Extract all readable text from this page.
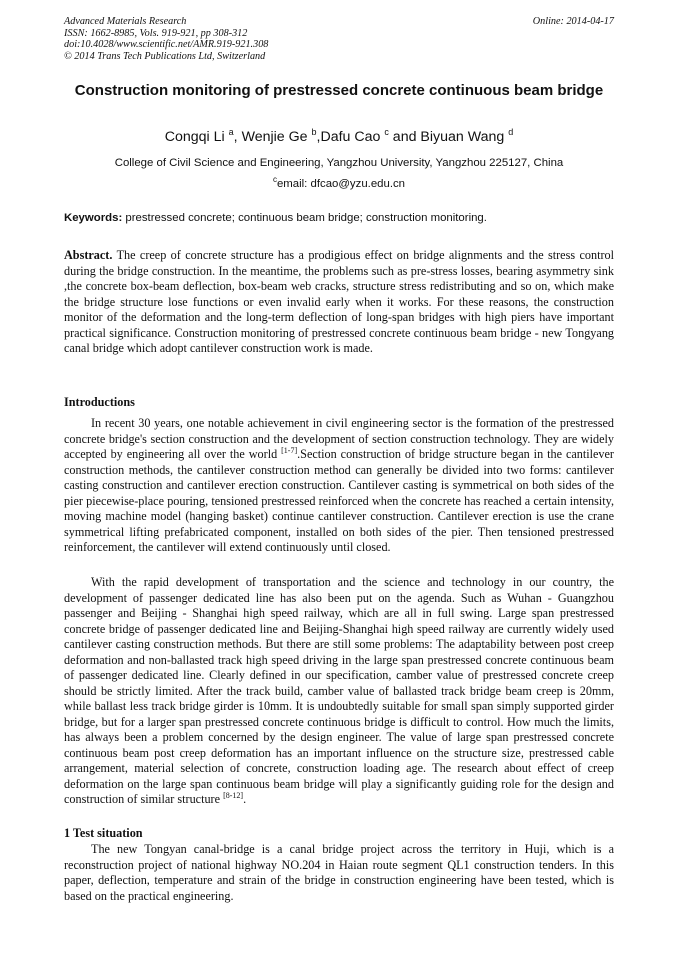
Advanced Materials Research
ISSN: 1662-8985, Vols. 919-921, pp 308-312
doi:10.4028/www.scientific.net/AMR.919-921.308
© 2014 Trans Tech Publications Ltd, Switzerland
Online: 2014-04-17
Construction monitoring of prestressed concrete continuous beam bridge
Congqi Li $^a$, Wenjie Ge $^b$,Dafu Cao $^c$ and Biyuan Wang $^d$
College of Civil Science and Engineering, Yangzhou University, Yangzhou 225127, China
$^c$email: dfcao@yzu.edu.cn
Keywords: prestressed concrete; continuous beam bridge; construction monitoring.
Abstract. The creep of concrete structure has a prodigious effect on bridge alignments and the stress control during the bridge construction. In the meantime, the problems such as pre-stress losses, bearing asymmetry sink ,the concrete box-beam deflection, box-beam web cracks, structure stress redistributing and so on, which make the bridge structure lose functions or even invalid early when it works. For these reasons, the construction monitor of the deformation and the long-term deflection of long-span bridges with high piers have important practical significance. Construction monitoring of prestressed concrete continuous beam bridge - new Tongyang canal bridge which adopt cantilever construction work is made.
Introductions
In recent 30 years, one notable achievement in civil engineering sector is the formation of the prestressed concrete bridge's section construction and the development of section construction technology. They are widely accepted by engineering all over the world [1-7].Section construction of bridge structure began in the cantilever construction methods, the cantilever construction method can generally be divided into two forms: cantilever casting construction and cantilever erection construction. Cantilever casting is symmetrical on both sides of the pier piecewise-place pouring, tensioned prestressed reinforced when the concrete has reached a certain intensity, moving machine model (hanging basket) continue cantilever construction. Cantilever erection is use the crane symmetrical lifting prefabricated component, installed on both sides of the pier. Then tensioned prestressed reinforcement, the cantilever will extend continuously until closed.
With the rapid development of transportation and the science and technology in our country, the development of passenger dedicated line has also been put on the agenda. Such as Wuhan - Guangzhou passenger and Beijing - Shanghai high speed railway, which are all in full swing. Large span prestressed concrete bridge of passenger dedicated line and Beijing-Shanghai high speed railway are currently widely used cantilever casting construction methods. But there are still some problems: The adaptability between post creep deformation and non-ballasted track high speed driving in the large span prestressed concrete continuous beam of passenger dedicated line. Clearly defined in our specification, camber value of prestressed concrete creep should be strictly limited. After the track build, camber value of ballasted track bridge beam creep is 20mm, while ballast less track bridge girder is 10mm. It is undoubtedly suitable for small span simply supported girder bridge, but for a larger span prestressed concrete continuous bridge is difficult to control. How much the limits, has always been a problem concerned by the design engineer. The value of large span prestressed concrete continuous beam post creep deformation has an important influence on the structure size, prestressed cable arrangement, material selection of concrete, construction loading age. The research about effect of creep deformation on the large span continuous beam bridge will play a significantly guiding role for the design and construction of similar structure [8-12].
1 Test situation
The new Tongyan canal-bridge is a canal bridge project across the territory in Huji, which is a reconstruction project of national highway NO.204 in Haian route segment QL1 construction tenders. In this paper, deflection, temperature and strain of the bridge in construction engineering have been tested, which is based on the practical engineering.
